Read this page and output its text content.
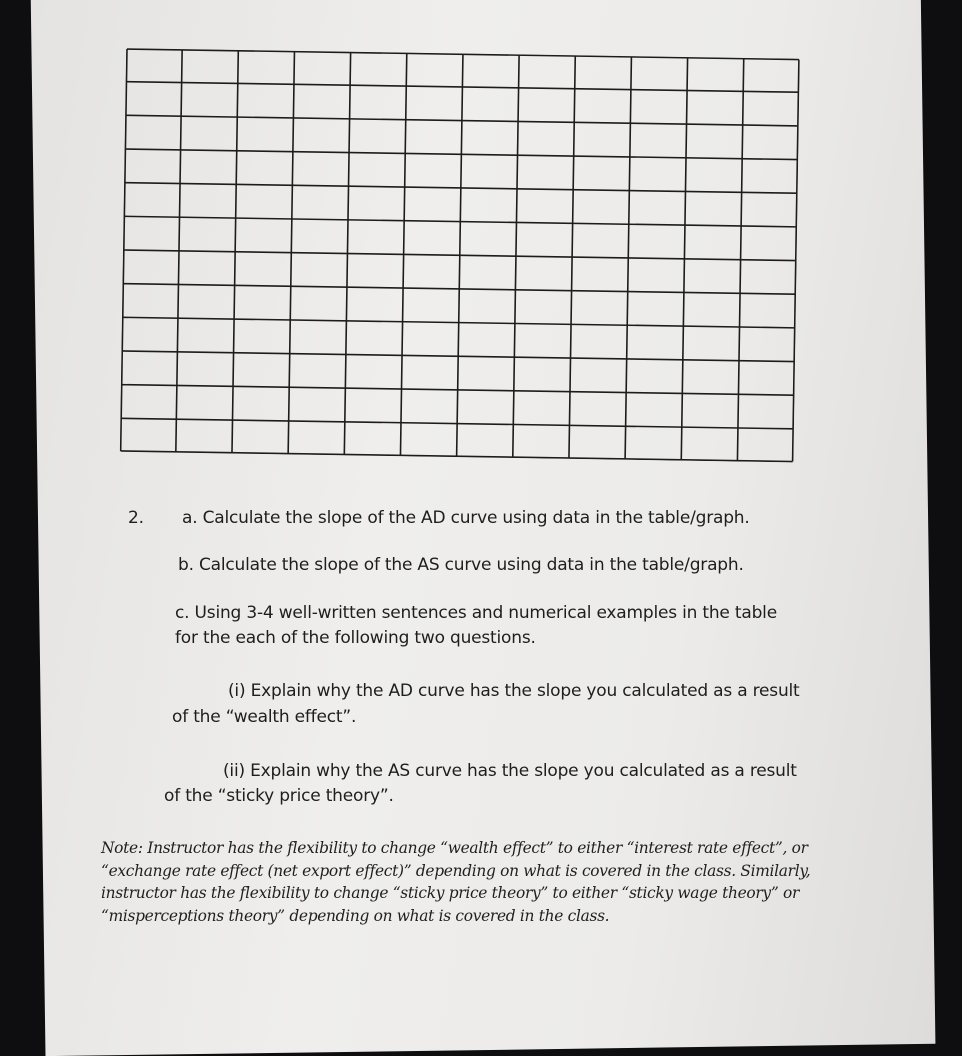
2. a. Calculate the slope of the AD curve using data in the table/graph.
b. Calculate the slope of the AS curve using data in the table/graph.
c. Using 3-4 well-written sentences and numerical examples in the table
for the each of the following two questions.
(i) Explain why the AD curve has the slope you calculated as a result
of the “wealth effect”.
(ii) Explain why the AS curve has the slope you calculated as a result
of the “sticky price theory”.
Note: Instructor has the flexibility to change “wealth effect” to either “interest rate effect”, or
“exchange rate effect (net export effect)” depending on what is covered in the class. Similarly,
instructor has the flexibility to change “sticky price theory” to either “sticky wage theory” or
“misperceptions theory” depending on what is covered in the class.
